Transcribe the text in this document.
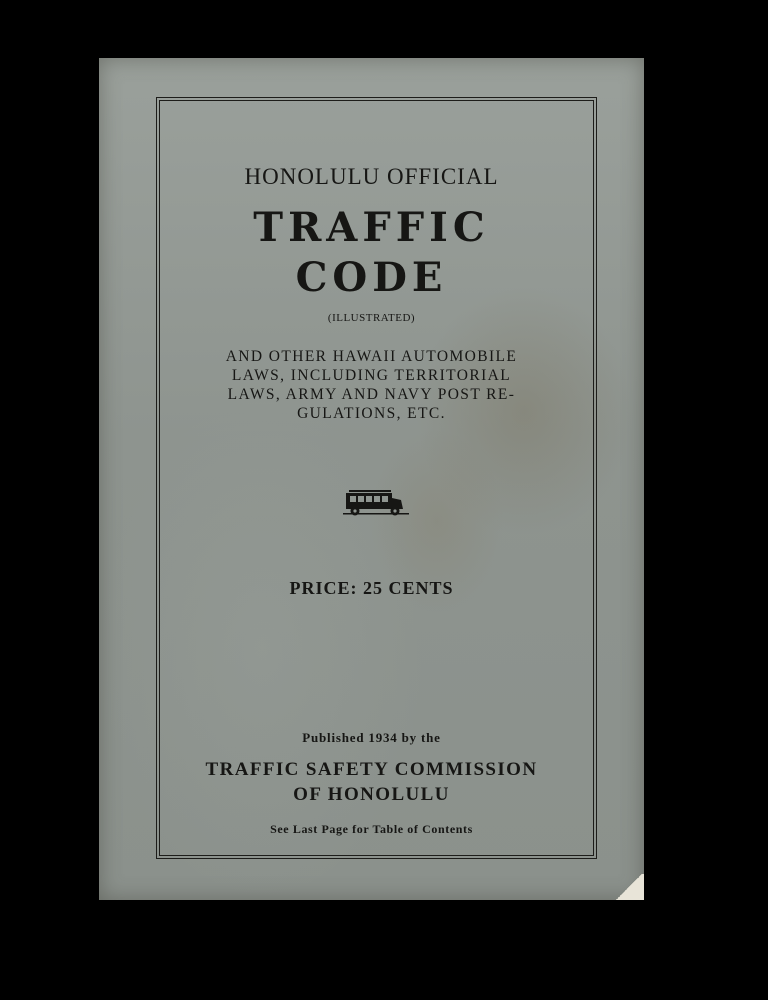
HONOLULU OFFICIAL
TRAFFIC
CODE
(ILLUSTRATED)
AND OTHER HAWAII AUTOMOBILE
LAWS, INCLUDING TERRITORIAL
LAWS, ARMY AND NAVY POST RE-
GULATIONS, ETC.
PRICE: 25 CENTS
Published 1934 by the
TRAFFIC SAFETY COMMISSION
OF HONOLULU
See Last Page for Table of Contents
